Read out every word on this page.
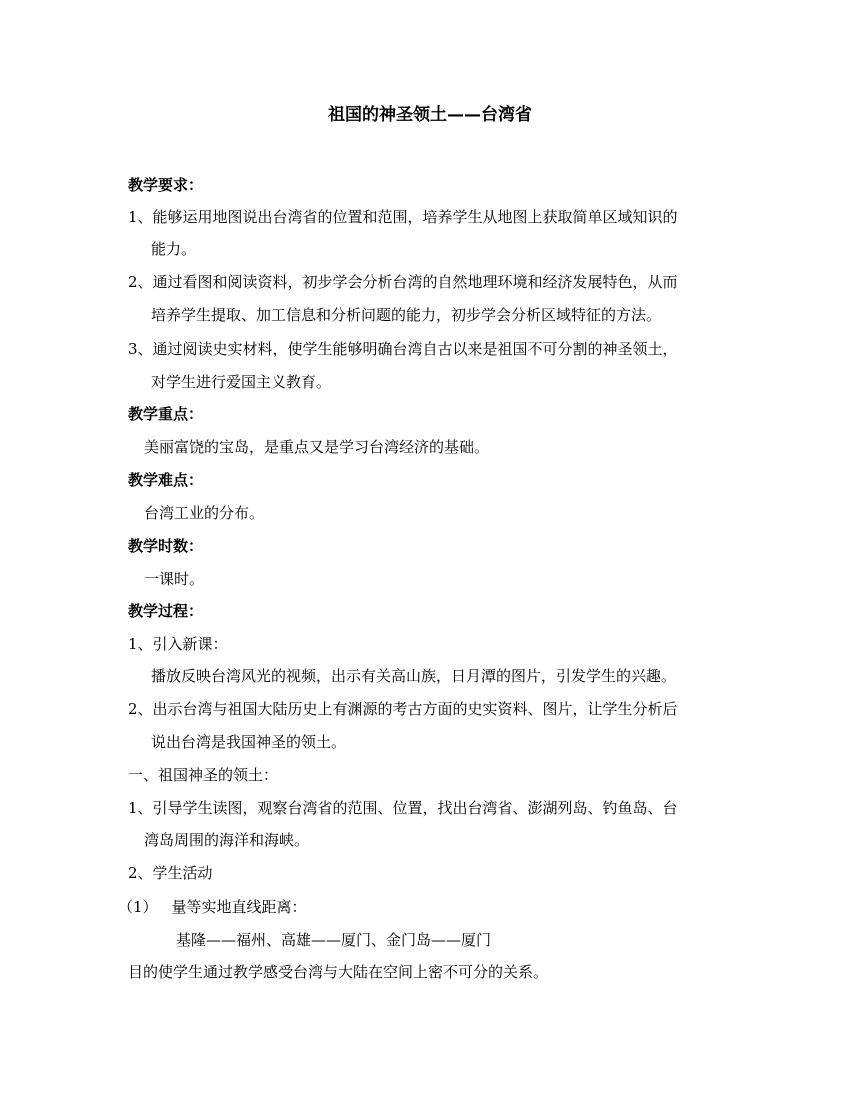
祖国的神圣领土——台湾省
教学要求：
1、能够运用地图说出台湾省的位置和范围，培养学生从地图上获取简单区域知识的
能力。
2、通过看图和阅读资料，初步学会分析台湾的自然地理环境和经济发展特色，从而
培养学生提取、加工信息和分析问题的能力，初步学会分析区域特征的方法。
3、通过阅读史实材料，使学生能够明确台湾自古以来是祖国不可分割的神圣领土，
对学生进行爱国主义教育。
教学重点：
美丽富饶的宝岛，是重点又是学习台湾经济的基础。
教学难点：
台湾工业的分布。
教学时数：
一课时。
教学过程：
1、引入新课：
播放反映台湾风光的视频，出示有关高山族，日月潭的图片，引发学生的兴趣。
2、出示台湾与祖国大陆历史上有渊源的考古方面的史实资料、图片，让学生分析后
说出台湾是我国神圣的领土。
一、祖国神圣的领土：
1、引导学生读图，观察台湾省的范围、位置，找出台湾省、澎湖列岛、钓鱼岛、台
湾岛周围的海洋和海峡。
2、学生活动
（1） 量等实地直线距离：
基隆——福州、高雄——厦门、金门岛——厦门
目的使学生通过教学感受台湾与大陆在空间上密不可分的关系。
